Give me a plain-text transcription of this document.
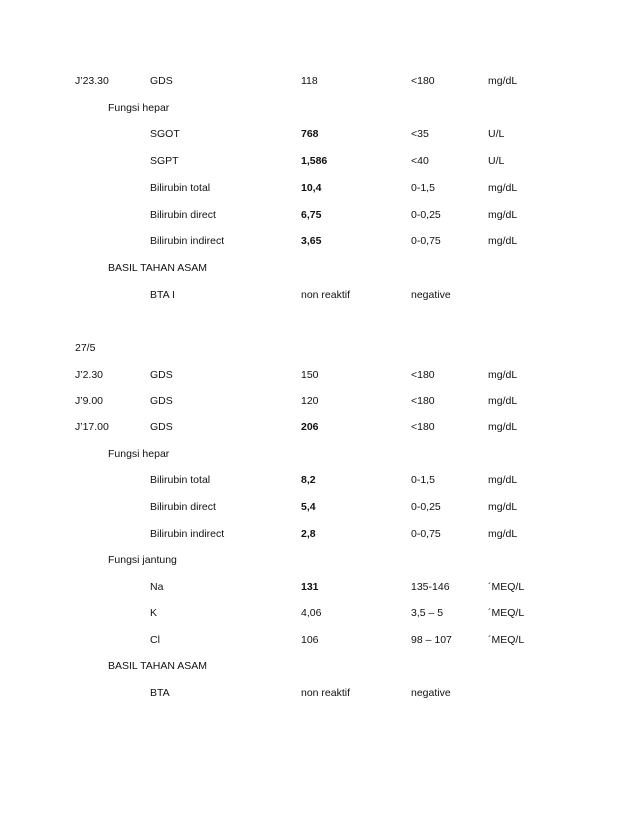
J’23.30	GDS	118	<180	mg/dL
Fungsi hepar
SGOT	768	<35	U/L
SGPT	1,586	<40	U/L
Bilirubin total	10,4	0-1,5	mg/dL
Bilirubin direct	6,75	0-0,25	mg/dL
Bilirubin indirect	3,65	0-0,75	mg/dL
BASIL TAHAN ASAM
BTA I	non reaktif	negative
27/5
J’2.30	GDS	150	<180	mg/dL
J’9.00	GDS	120	<180	mg/dL
J’17.00	GDS	206	<180	mg/dL
Fungsi hepar
Bilirubin total	8,2	0-1,5	mg/dL
Bilirubin direct	5,4	0-0,25	mg/dL
Bilirubin indirect	2,8	0-0,75	mg/dL
Fungsi jantung
Na	131	135-146	´MEQ/L
K	4,06	3,5 – 5	´MEQ/L
Cl	106	98 – 107	´MEQ/L
BASIL TAHAN ASAM
BTA	non reaktif	negative
